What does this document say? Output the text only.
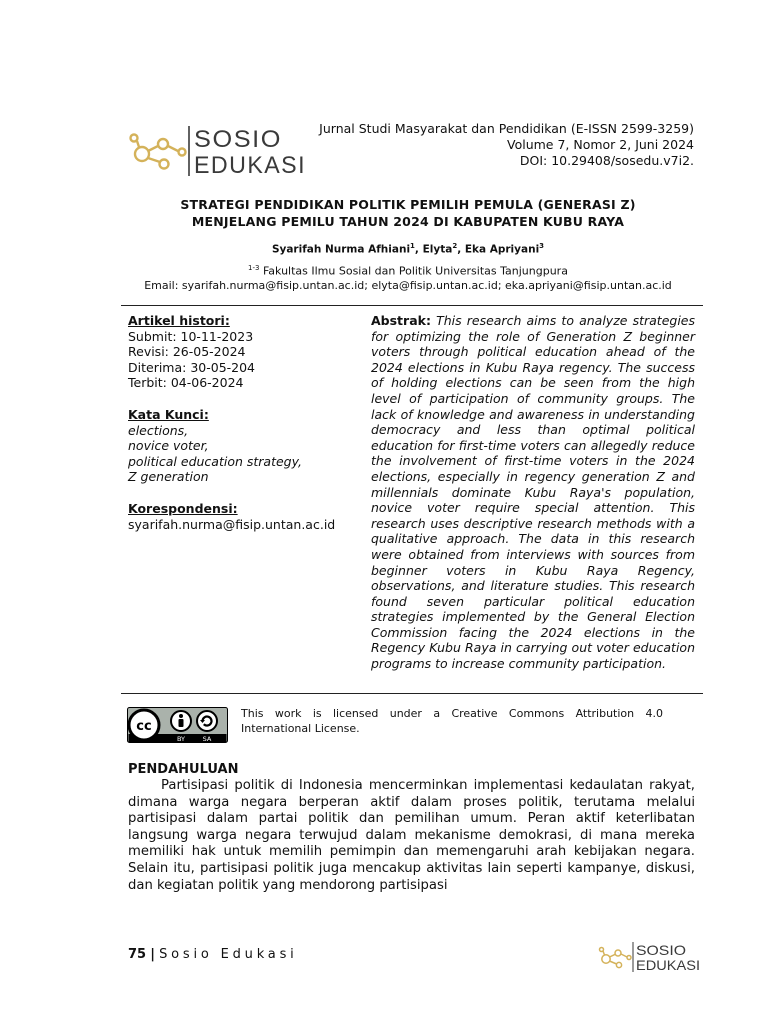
SOSIO
EDUKASI
Jurnal Studi Masyarakat dan Pendidikan (E-ISSN 2599-3259)
Volume 7, Nomor 2, Juni 2024
DOI: 10.29408/sosedu.v7i2.
STRATEGI PENDIDIKAN POLITIK PEMILIH PEMULA (GENERASI Z)
MENJELANG PEMILU TAHUN 2024 DI KABUPATEN KUBU RAYA
Syarifah Nurma Afhiani$^1$, Elyta$^2$, Eka Apriyani$^3$
$^{1-3}$ Fakultas Ilmu Sosial dan Politik Universitas Tanjungpura
Email: syarifah.nurma@fisip.untan.ac.id; elyta@fisip.untan.ac.id; eka.apriyani@fisip.untan.ac.id
Artikel histori:
Submit: 10-11-2023
Revisi: 26-05-2024
Diterima: 30-05-204
Terbit: 04-06-2024
Kata Kunci:
elections,
novice voter,
political education strategy,
Z generation
Korespondensi:
syarifah.nurma@fisip.untan.ac.id
Abstrak: This research aims to analyze strategies for optimizing the role of Generation Z beginner voters through political education ahead of the 2024 elections in Kubu Raya regency. The success of holding elections can be seen from the high level of participation of community groups. The lack of knowledge and awareness in understanding democracy and less than optimal political education for first-time voters can allegedly reduce the involvement of first-time voters in the 2024 elections, especially in regency generation Z and millennials dominate Kubu Raya's population, novice voter require special attention. This research uses descriptive research methods with a qualitative approach. The data in this research were obtained from interviews with sources from beginner voters in Kubu Raya Regency, observations, and literature studies. This research found seven particular political education strategies implemented by the General Election Commission facing the 2024 elections in the Regency Kubu Raya in carrying out voter education programs to increase community participation.
cc
BY	SA
This work is licensed under a Creative Commons Attribution 4.0 International License.
PENDAHULUAN
Partisipasi politik di Indonesia mencerminkan implementasi kedaulatan rakyat, dimana warga negara berperan aktif dalam proses politik, terutama melalui partisipasi dalam partai politik dan pemilihan umum. Peran aktif keterlibatan langsung warga negara terwujud dalam mekanisme demokrasi, di mana mereka memiliki hak untuk memilih pemimpin dan memengaruhi arah kebijakan negara. Selain itu, partisipasi politik juga mencakup aktivitas lain seperti kampanye, diskusi, dan kegiatan politik yang mendorong partisipasi
75 | Sosio Edukasi	SOSIO
EDUKASI
